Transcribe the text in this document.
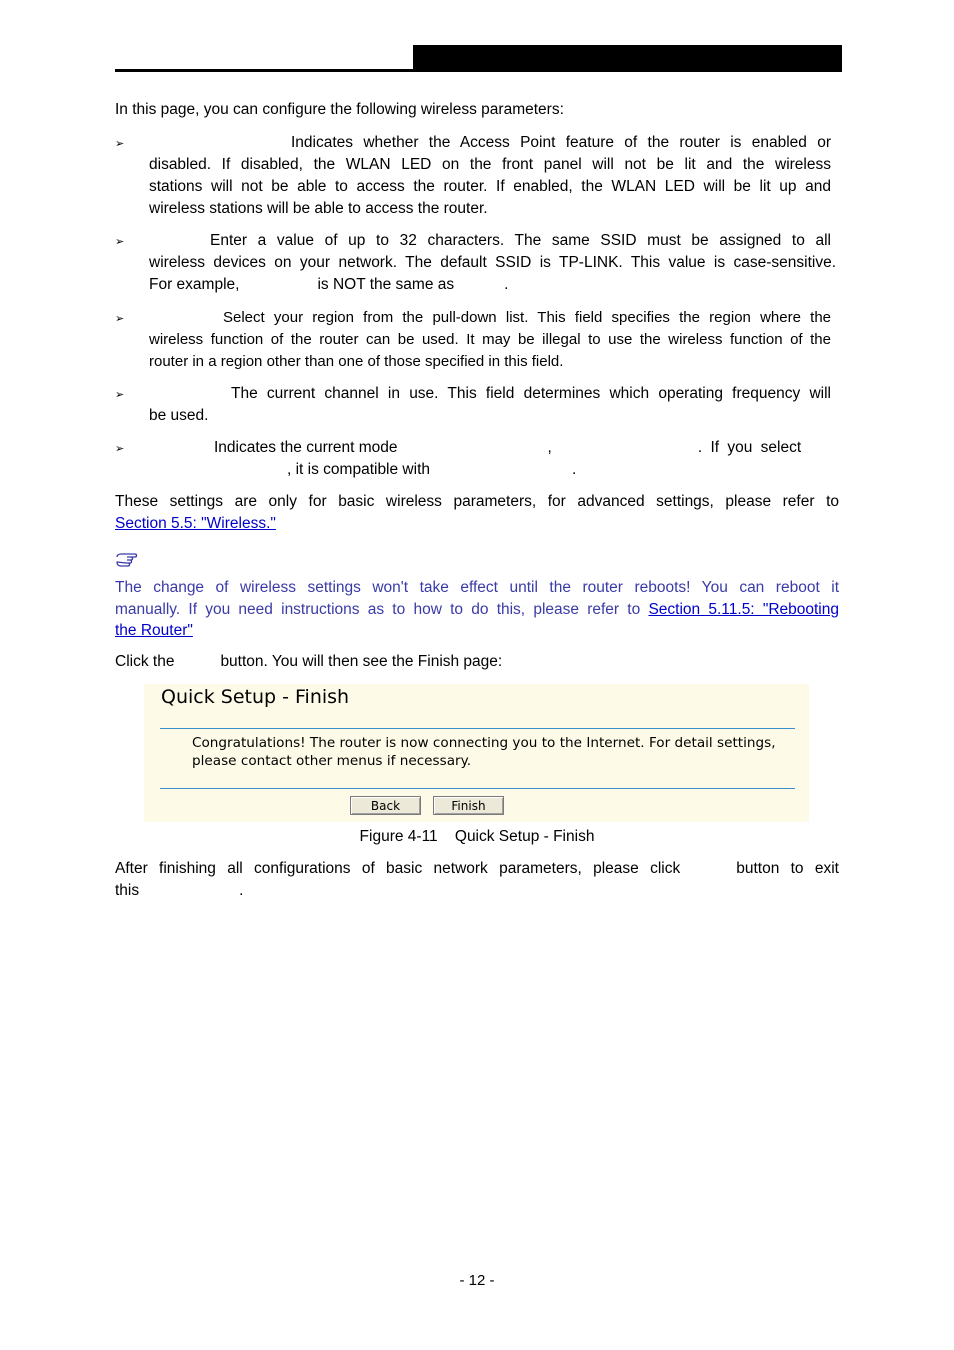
In this page, you can configure the following wireless parameters:

➢	Indicates whether the Access Point feature of the router is enabled or
disabled. If disabled, the WLAN LED on the front panel will not be lit and the wireless
stations will not be able to access the router. If enabled, the WLAN LED will be lit up and
wireless stations will be able to access the router.
➢	Enter a value of up to 32 characters. The same SSID must be assigned to all
wireless devices on your network. The default SSID is TP-LINK. This value is case-sensitive.
For example,	is NOT the same as	.
➢	Select your region from the pull-down list. This field specifies the region where the
wireless function of the router can be used. It may be illegal to use the wireless function of the
router in a region other than one of those specified in this field.
➢	The current channel in use. This field determines which operating frequency will
be used.
➢	Indicates the current mode	,	. If you select
, it is compatible with	.
These settings are only for basic wireless parameters, for advanced settings, please refer to
Section 5.5: "Wireless."
The change of wireless settings won't take effect until the router reboots! You can reboot it
manually. If you need instructions as to how to do this, please refer to Section 5.11.5: "Rebooting
the Router"

Click the	button. You will then see the Finish page:

Quick Setup - Finish
Congratulations! The router is now connecting you to the Internet. For detail settings,
please contact other menus if necessary.
Back	Finish
Figure 4-11    Quick Setup - Finish
After finishing all configurations of basic network parameters, please click	button to exit
this	.
- 12 -
